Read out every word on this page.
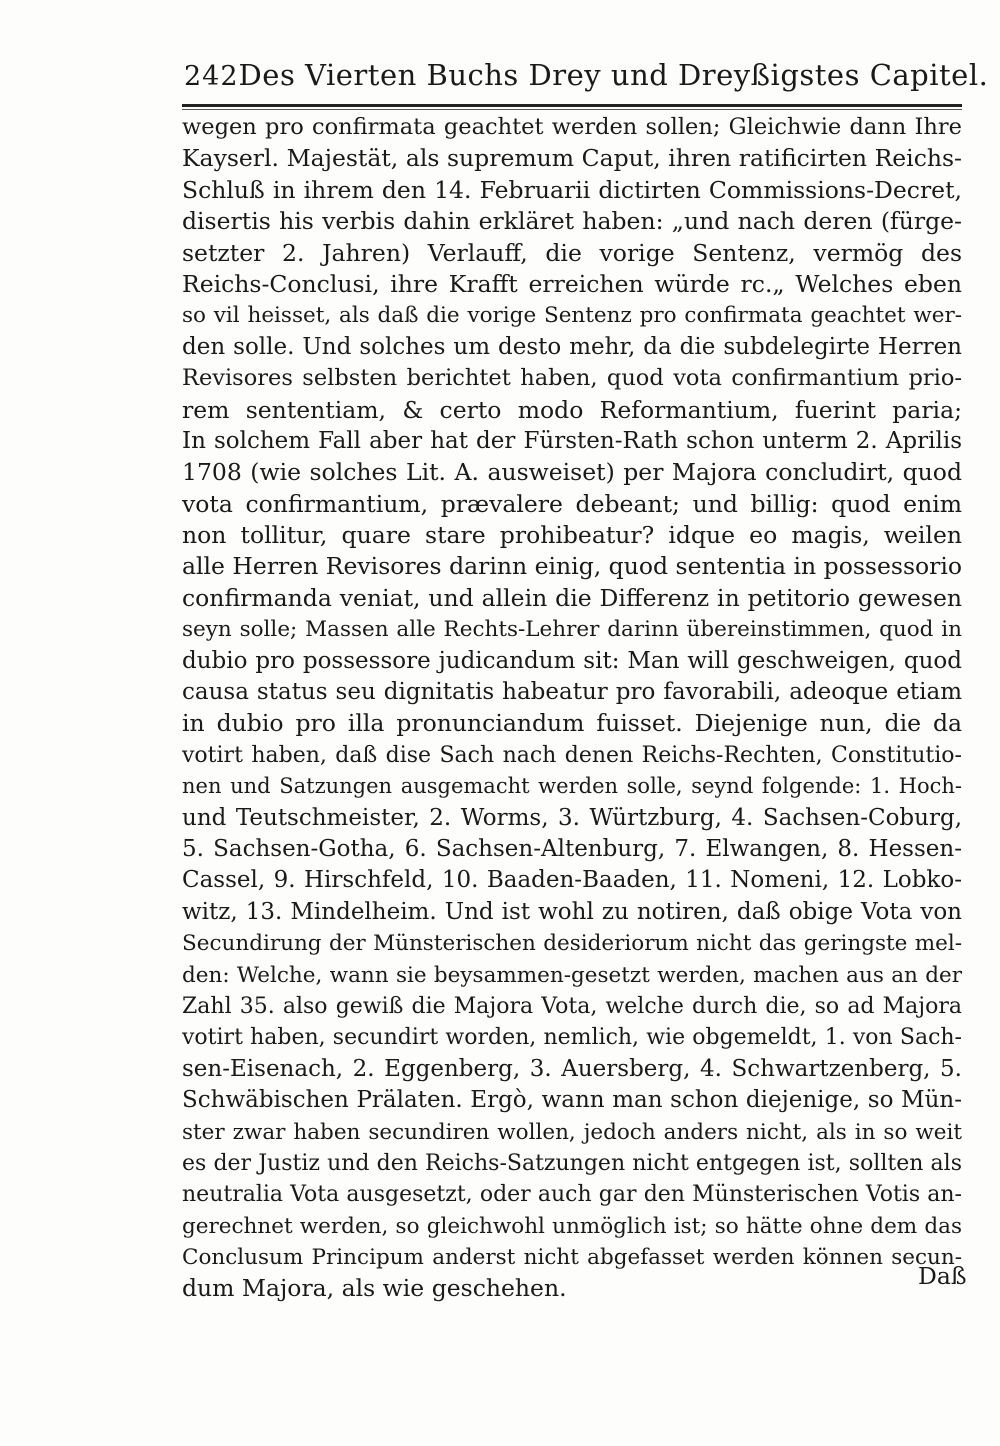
242 Des Vierten Buchs Drey und Dreyßigstes Capitel.
wegen pro confirmata geachtet werden sollen; Gleichwie dann Ihre
Kayserl. Majestät, als supremum Caput, ihren ratificirten Reichs-
Schluß in ihrem den 14. Februarii dictirten Commissions-Decret,
disertis his verbis dahin erkläret haben: „und nach deren (fürge-
setzter 2. Jahren) Verlauff, die vorige Sentenz, vermög des
Reichs-Conclusi, ihre Krafft erreichen würde rc.„ Welches eben
so vil heisset, als daß die vorige Sentenz pro confirmata geachtet wer-
den solle. Und solches um desto mehr, da die subdelegirte Herren
Revisores selbsten berichtet haben, quod vota confirmantium prio-
rem sententiam, & certo modo Reformantium, fuerint paria;
In solchem Fall aber hat der Fürsten-Rath schon unterm 2. Aprilis
1708 (wie solches Lit. A. ausweiset) per Majora concludirt, quod
vota confirmantium, prævalere debeant; und billig: quod enim
non tollitur, quare stare prohibeatur? idque eo magis, weilen
alle Herren Revisores darinn einig, quod sententia in possessorio
confirmanda veniat, und allein die Differenz in petitorio gewesen
seyn solle; Massen alle Rechts-Lehrer darinn übereinstimmen, quod in
dubio pro possessore judicandum sit: Man will geschweigen, quod
causa status seu dignitatis habeatur pro favorabili, adeoque etiam
in dubio pro illa pronunciandum fuisset. Diejenige nun, die da
votirt haben, daß dise Sach nach denen Reichs-Rechten, Constitutio-
nen und Satzungen ausgemacht werden solle, seynd folgende: 1. Hoch-
und Teutschmeister, 2. Worms, 3. Würtzburg, 4. Sachsen-Coburg,
5. Sachsen-Gotha, 6. Sachsen-Altenburg, 7. Elwangen, 8. Hessen-
Cassel, 9. Hirschfeld, 10. Baaden-Baaden, 11. Nomeni, 12. Lobko-
witz, 13. Mindelheim. Und ist wohl zu notiren, daß obige Vota von
Secundirung der Münsterischen desideriorum nicht das geringste mel-
den: Welche, wann sie beysammen-gesetzt werden, machen aus an der
Zahl 35. also gewiß die Majora Vota, welche durch die, so ad Majora
votirt haben, secundirt worden, nemlich, wie obgemeldt, 1. von Sach-
sen-Eisenach, 2. Eggenberg, 3. Auersberg, 4. Schwartzenberg, 5.
Schwäbischen Prälaten. Ergò, wann man schon diejenige, so Mün-
ster zwar haben secundiren wollen, jedoch anders nicht, als in so weit
es der Justiz und den Reichs-Satzungen nicht entgegen ist, sollten als
neutralia Vota ausgesetzt, oder auch gar den Münsterischen Votis an-
gerechnet werden, so gleichwohl unmöglich ist; so hätte ohne dem das
Conclusum Principum anderst nicht abgefasset werden können secun-
dum Majora, als wie geschehen.	Daß
